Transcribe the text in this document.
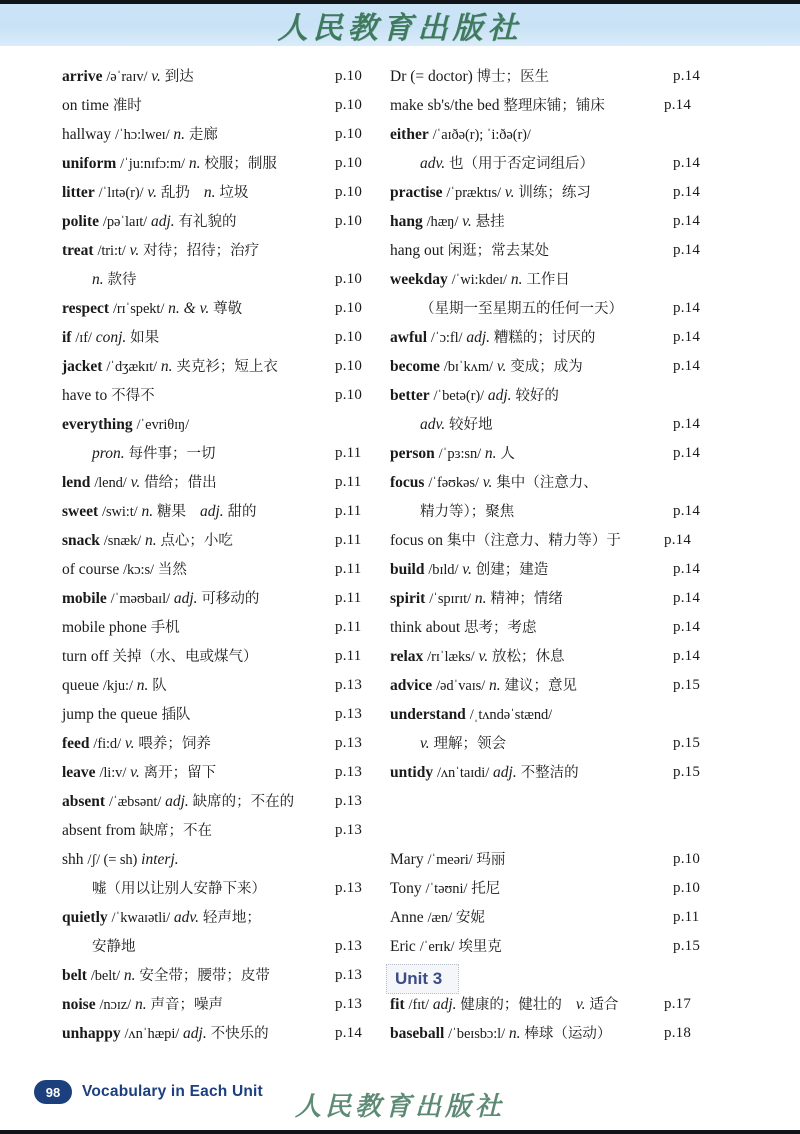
人民教育出版社
arrive /əˈraɪv/ v. 到达	p.10
on time 准时	p.10
hallway /ˈhɔ:lweɪ/ n. 走廊	p.10
uniform /ˈju:nɪfɔ:m/ n. 校服；制服	p.10
litter /ˈlɪtə(r)/ v. 乱扔 n. 垃圾	p.10
polite /pəˈlaɪt/ adj. 有礼貌的	p.10
treat /tri:t/ v. 对待；招待；治疗
n. 款待	p.10
respect /rɪˈspekt/ n. & v. 尊敬	p.10
if /ɪf/ conj. 如果	p.10
jacket /ˈdʒækɪt/ n. 夹克衫；短上衣	p.10
have to 不得不	p.10
everything /ˈevriθɪŋ/
pron. 每件事；一切	p.11
lend /lend/ v. 借给；借出	p.11
sweet /swi:t/ n. 糖果 adj. 甜的	p.11
snack /snæk/ n. 点心；小吃	p.11
of course /kɔ:s/ 当然	p.11
mobile /ˈməʊbaɪl/ adj. 可移动的	p.11
mobile phone 手机	p.11
turn off 关掉（水、电或煤气）	p.11
queue /kju:/ n. 队	p.13
jump the queue 插队	p.13
feed /fi:d/ v. 喂养；饲养	p.13
leave /li:v/ v. 离开；留下	p.13
absent /ˈæbsənt/ adj. 缺席的；不在的	p.13
absent from 缺席；不在	p.13
shh /ʃ/ (= sh) interj.
嘘（用以让别人安静下来）	p.13
quietly /ˈkwaɪətli/ adv. 轻声地；
安静地	p.13
belt /belt/ n. 安全带；腰带；皮带	p.13
noise /nɔɪz/ n. 声音；噪声	p.13
unhappy /ʌnˈhæpi/ adj. 不快乐的	p.14
Dr (= doctor) 博士；医生	p.14
make sb's/the bed 整理床铺；铺床	p.14
either /ˈaɪðə(r); ˈi:ðə(r)/
adv. 也（用于否定词组后）	p.14
practise /ˈpræktɪs/ v. 训练；练习	p.14
hang /hæŋ/ v. 悬挂	p.14
hang out 闲逛；常去某处	p.14
weekday /ˈwi:kdeɪ/ n. 工作日
（星期一至星期五的任何一天）	p.14
awful /ˈɔ:fl/ adj. 糟糕的；讨厌的	p.14
become /bɪˈkʌm/ v. 变成；成为	p.14
better /ˈbetə(r)/ adj. 较好的
adv. 较好地	p.14
person /ˈpɜ:sn/ n. 人	p.14
focus /ˈfəʊkəs/ v. 集中（注意力、
精力等）；聚焦	p.14
focus on 集中（注意力、精力等）于	p.14
build /bɪld/ v. 创建；建造	p.14
spirit /ˈspɪrɪt/ n. 精神；情绪	p.14
think about 思考；考虑	p.14
relax /rɪˈlæks/ v. 放松；休息	p.14
advice /ədˈvaɪs/ n. 建议；意见	p.15
understand /ˌtʌndəˈstænd/
v. 理解；领会	p.15
untidy /ʌnˈtaɪdi/ adj. 不整洁的	p.15
Mary /ˈmeəri/ 玛丽	p.10
Tony /ˈtəʊni/ 托尼	p.10
Anne /æn/ 安妮	p.11
Eric /ˈerɪk/ 埃里克	p.15
Unit 3
fit /fɪt/ adj. 健康的；健壮的 v. 适合	p.17
baseball /ˈbeɪsbɔ:l/ n. 棒球（运动）	p.18
98	Vocabulary in Each Unit
人民教育出版社
